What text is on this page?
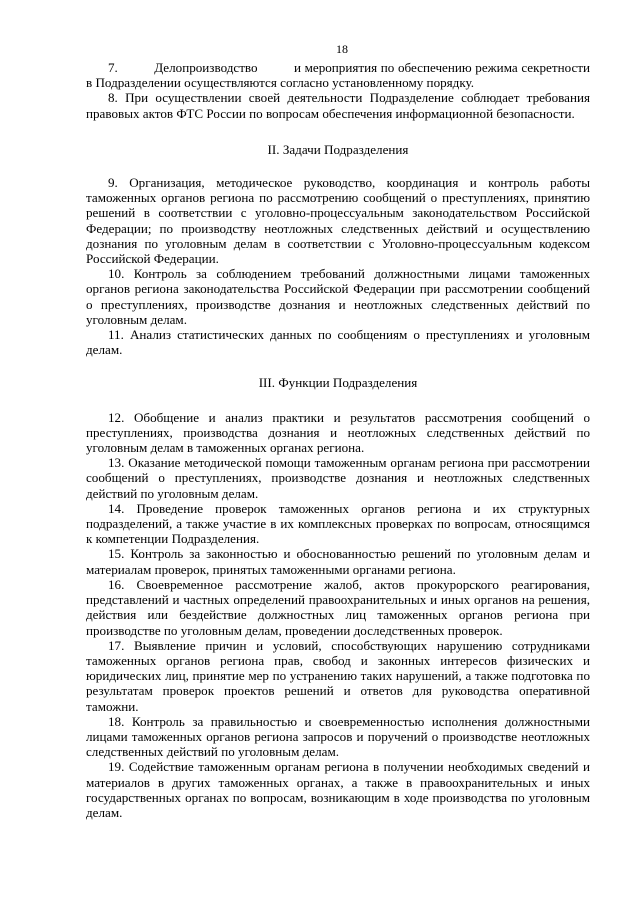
18

7.          Делопроизводство          и мероприятия по обеспечению режима секретности в Подразделении осуществляются согласно установленному порядку.

8. При осуществлении своей деятельности Подразделение соблюдает требования правовых актов ФТС России по вопросам обеспечения информационной безопасности.

II. Задачи Подразделения

9. Организация, методическое руководство, координация и контроль работы таможенных органов региона по рассмотрению сообщений о преступлениях, принятию решений в соответствии с уголовно-процессуальным законодательством Российской Федерации; по производству неотложных следственных действий и осуществлению дознания по уголовным делам в соответствии с Уголовно-процессуальным кодексом Российской Федерации.

10. Контроль за соблюдением требований должностными лицами таможенных органов региона законодательства Российской Федерации при рассмотрении сообщений о преступлениях, производстве дознания и неотложных следственных действий по уголовным делам.

11. Анализ статистических данных по сообщениям о преступлениях и уголовным делам.

III. Функции Подразделения

12. Обобщение и анализ практики и результатов рассмотрения сообщений о преступлениях, производства дознания и неотложных следственных действий по уголовным делам в таможенных органах региона.

13. Оказание методической помощи таможенным органам региона при рассмотрении сообщений о преступлениях, производстве дознания и неотложных следственных действий по уголовным делам.

14. Проведение проверок таможенных органов региона и их структурных подразделений, а также участие в их комплексных проверках по вопросам, относящимся к компетенции Подразделения.

15. Контроль за законностью и обоснованностью решений по уголовным делам и материалам проверок, принятых таможенными органами региона.

16. Своевременное рассмотрение жалоб, актов прокурорского реагирования, представлений и частных определений правоохранительных и иных органов на решения, действия или бездействие должностных лиц таможенных органов региона при производстве по уголовным делам, проведении доследственных проверок.

17. Выявление причин и условий, способствующих нарушению сотрудниками таможенных органов региона прав, свобод и законных интересов физических и юридических лиц, принятие мер по устранению таких нарушений, а также подготовка по результатам проверок проектов решений и ответов для руководства оперативной таможни.

18. Контроль за правильностью и своевременностью исполнения должностными лицами таможенных органов региона запросов и поручений о производстве неотложных следственных действий по уголовным делам.

19. Содействие таможенным органам региона в получении необходимых сведений и материалов в других таможенных органах, а также в правоохранительных и иных государственных органах по вопросам, возникающим в ходе производства по уголовным делам.
